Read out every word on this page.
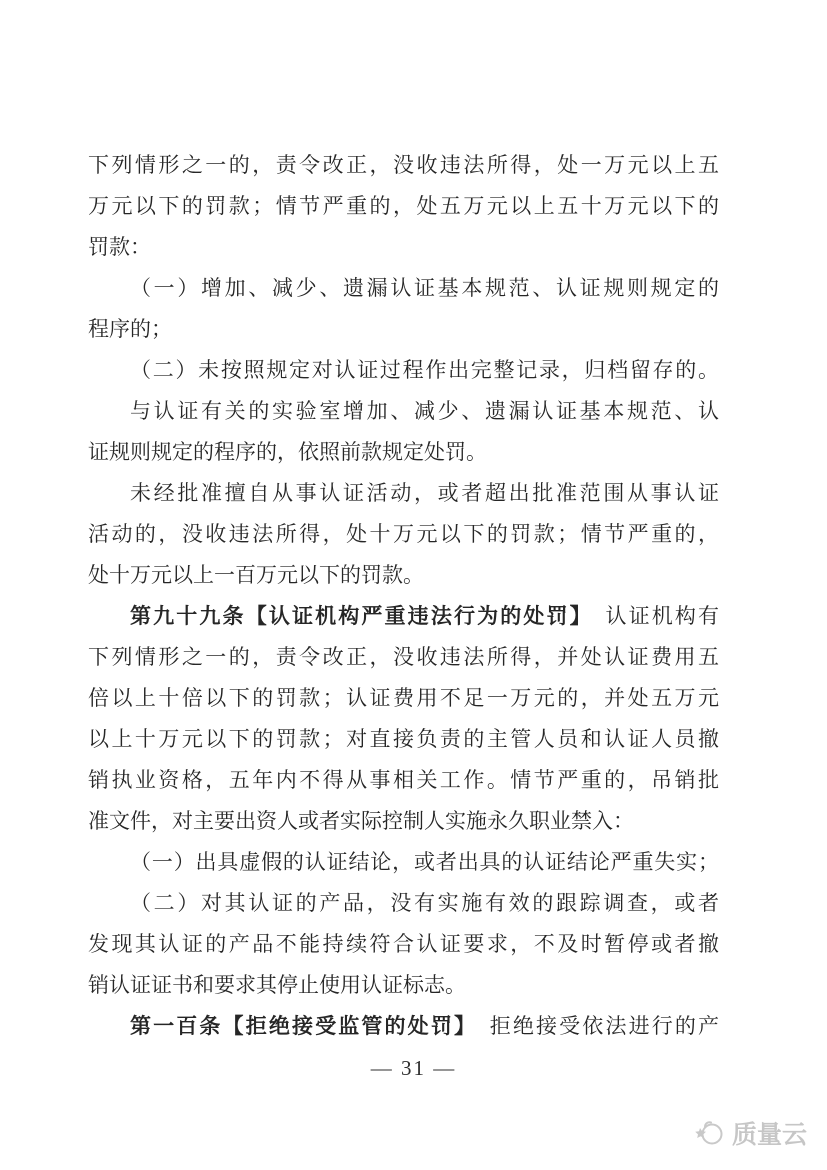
下列情形之一的，责令改正，没收违法所得，处一万元以上五
万元以下的罚款；情节严重的，处五万元以上五十万元以下的
罚款：
（一）增加、减少、遗漏认证基本规范、认证规则规定的
程序的；
（二）未按照规定对认证过程作出完整记录，归档留存的。
与认证有关的实验室增加、减少、遗漏认证基本规范、认
证规则规定的程序的，依照前款规定处罚。
未经批准擅自从事认证活动，或者超出批准范围从事认证
活动的，没收违法所得，处十万元以下的罚款；情节严重的，
处十万元以上一百万元以下的罚款。
第九十九条【认证机构严重违法行为的处罚】　认证机构有
下列情形之一的，责令改正，没收违法所得，并处认证费用五
倍以上十倍以下的罚款；认证费用不足一万元的，并处五万元
以上十万元以下的罚款；对直接负责的主管人员和认证人员撤
销执业资格，五年内不得从事相关工作。情节严重的，吊销批
准文件，对主要出资人或者实际控制人实施永久职业禁入：
（一）出具虚假的认证结论，或者出具的认证结论严重失实；
（二）对其认证的产品，没有实施有效的跟踪调查，或者
发现其认证的产品不能持续符合认证要求，不及时暂停或者撤
销认证证书和要求其停止使用认证标志。
第一百条【拒绝接受监管的处罚】　拒绝接受依法进行的产
— 31 —
质量云
